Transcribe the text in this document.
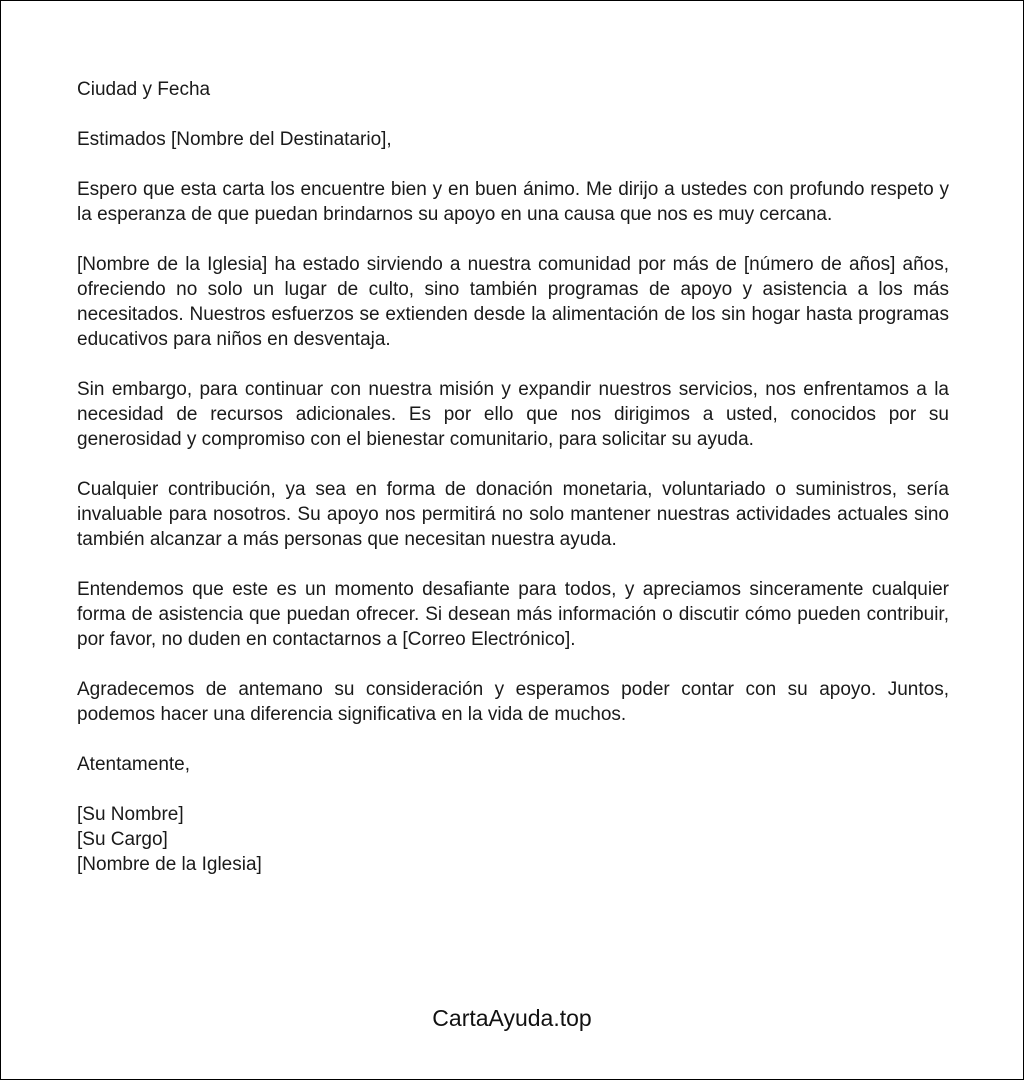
Ciudad y Fecha

Estimados [Nombre del Destinatario],

Espero que esta carta los encuentre bien y en buen ánimo. Me dirijo a ustedes con profundo respeto y la esperanza de que puedan brindarnos su apoyo en una causa que nos es muy cercana.

[Nombre de la Iglesia] ha estado sirviendo a nuestra comunidad por más de [número de años] años, ofreciendo no solo un lugar de culto, sino también programas de apoyo y asistencia a los más necesitados. Nuestros esfuerzos se extienden desde la alimentación de los sin hogar hasta programas educativos para niños en desventaja.

Sin embargo, para continuar con nuestra misión y expandir nuestros servicios, nos enfrentamos a la necesidad de recursos adicionales. Es por ello que nos dirigimos a usted, conocidos por su generosidad y compromiso con el bienestar comunitario, para solicitar su ayuda.

Cualquier contribución, ya sea en forma de donación monetaria, voluntariado o suministros, sería invaluable para nosotros. Su apoyo nos permitirá no solo mantener nuestras actividades actuales sino también alcanzar a más personas que necesitan nuestra ayuda.

Entendemos que este es un momento desafiante para todos, y apreciamos sinceramente cualquier forma de asistencia que puedan ofrecer. Si desean más información o discutir cómo pueden contribuir, por favor, no duden en contactarnos a [Correo Electrónico].

Agradecemos de antemano su consideración y esperamos poder contar con su apoyo. Juntos, podemos hacer una diferencia significativa en la vida de muchos.

Atentamente,

[Su Nombre]

[Su Cargo]

[Nombre de la Iglesia]

CartaAyuda.top
